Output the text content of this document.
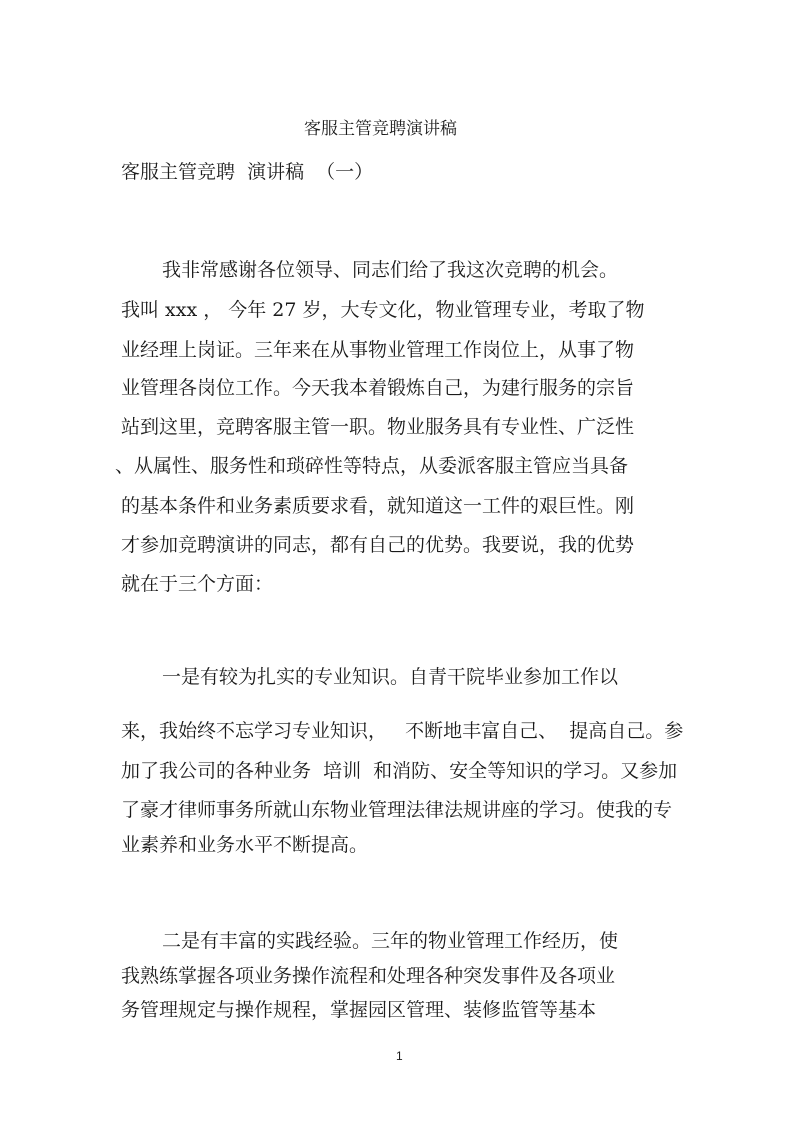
客服主管竞聘演讲稿
客服主管竞聘  演讲稿  （一）
我非常感谢各位领导、同志们给了我这次竞聘的机会。
我叫 xxx ， 今年 27 岁，大专文化，物业管理专业，考取了物
业经理上岗证。三年来在从事物业管理工作岗位上，从事了物
业管理各岗位工作。今天我本着锻炼自己，为建行服务的宗旨
站到这里，竞聘客服主管一职。物业服务具有专业性、广泛性
、从属性、服务性和琐碎性等特点，从委派客服主管应当具备
的基本条件和业务素质要求看，就知道这一工件的艰巨性。刚
才参加竞聘演讲的同志，都有自己的优势。我要说，我的优势
就在于三个方面：
一是有较为扎实的专业知识。自青干院毕业参加工作以
来，我始终不忘学习专业知识，   不断地丰富自己、  提高自己。参
加了我公司的各种业务  培训  和消防、安全等知识的学习。又参加
了豪才律师事务所就山东物业管理法律法规讲座的学习。使我的专
业素养和业务水平不断提高。
二是有丰富的实践经验。三年的物业管理工作经历，使
我熟练掌握各项业务操作流程和处理各种突发事件及各项业
务管理规定与操作规程，掌握园区管理、装修监管等基本
1
